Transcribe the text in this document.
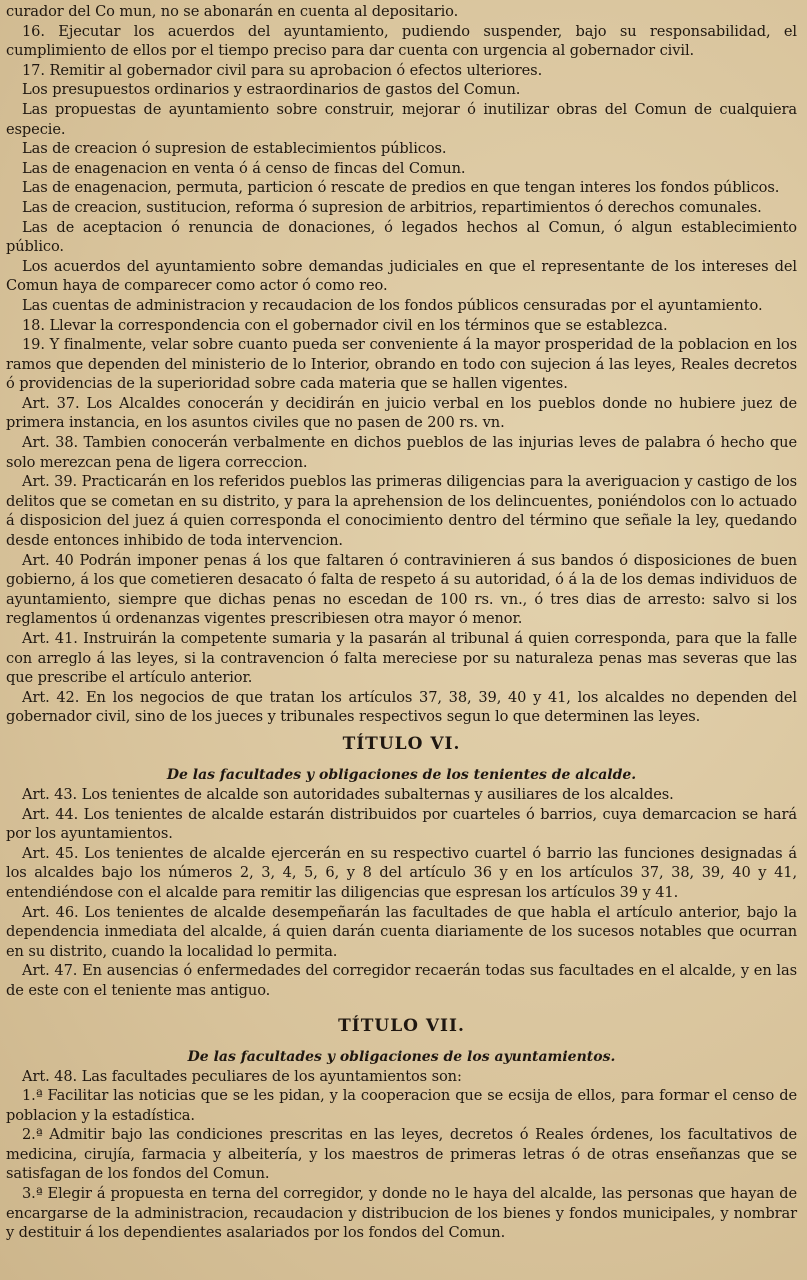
curador del Co mun, no se abonarán en cuenta al depositario.

16. Ejecutar los acuerdos del ayuntamiento, pudiendo suspender, bajo su responsabilidad, el cumplimiento de ellos por el tiempo preciso para dar cuenta con urgencia al gobernador civil.

17. Remitir al gobernador civil para su aprobacion ó efectos ulteriores.

Los presupuestos ordinarios y estraordinarios de gastos del Comun.

Las propuestas de ayuntamiento sobre construir, mejorar ó inutilizar obras del Comun de cualquiera especie.

Las de creacion ó supresion de establecimientos públicos.

Las de enagenacion en venta ó á censo de fincas del Comun.

Las de enagenacion, permuta, particion ó rescate de predios en que tengan interes los fondos públicos.

Las de creacion, sustitucion, reforma ó supresion de arbitrios, repartimientos ó derechos comunales.

Las de aceptacion ó renuncia de donaciones, ó legados hechos al Comun, ó algun establecimiento público.

Los acuerdos del ayuntamiento sobre demandas judiciales en que el representante de los intereses del Comun haya de comparecer como actor ó como reo.

Las cuentas de administracion y recaudacion de los fondos públicos censuradas por el ayuntamiento.

18. Llevar la correspondencia con el gobernador civil en los términos que se establezca.

19. Y finalmente, velar sobre cuanto pueda ser conveniente á la mayor prosperidad de la poblacion en los ramos que dependen del ministerio de lo Interior, obrando en todo con sujecion á las leyes, Reales decretos ó providencias de la superioridad sobre cada materia que se hallen vigentes.

Art. 37. Los Alcaldes conocerán y decidirán en juicio verbal en los pueblos donde no hubiere juez de primera instancia, en los asuntos civiles que no pasen de 200 rs. vn.

Art. 38. Tambien conocerán verbalmente en dichos pueblos de las injurias leves de palabra ó hecho que solo merezcan pena de ligera correccion.

Art. 39. Practicarán en los referidos pueblos las primeras diligencias para la averiguacion y castigo de los delitos que se cometan en su distrito, y para la aprehension de los delincuentes, poniéndolos con lo actuado á disposicion del juez á quien corresponda el conocimiento dentro del término que señale la ley, quedando desde entonces inhibido de toda intervencion.

Art. 40 Podrán imponer penas á los que faltaren ó contravinieren á sus bandos ó disposiciones de buen gobierno, á los que cometieren desacato ó falta de respeto á su autoridad, ó á la de los demas individuos de ayuntamiento, siempre que dichas penas no escedan de 100 rs. vn., ó tres dias de arresto: salvo si los reglamentos ú ordenanzas vigentes prescribiesen otra mayor ó menor.

Art. 41. Instruirán la competente sumaria y la pasarán al tribunal á quien corresponda, para que la falle con arreglo á las leyes, si la contravencion ó falta mereciese por su naturaleza penas mas severas que las que prescribe el artículo anterior.

Art. 42. En los negocios de que tratan los artículos 37, 38, 39, 40 y 41, los alcaldes no dependen del gobernador civil, sino de los jueces y tribunales respectivos segun lo que determinen las leyes.

TÍTULO VI.
De las facultades y obligaciones de los tenientes de alcalde.

Art. 43. Los tenientes de alcalde son autoridades subalternas y ausiliares de los alcaldes.

Art. 44. Los tenientes de alcalde estarán distribuidos por cuarteles ó barrios, cuya demarcacion se hará por los ayuntamientos.

Art. 45. Los tenientes de alcalde ejercerán en su respectivo cuartel ó barrio las funciones designadas á los alcaldes bajo los números 2, 3, 4, 5, 6, y 8 del artículo 36 y en los artículos 37, 38, 39, 40 y 41, entendiéndose con el alcalde para remitir las diligencias que espresan los artículos 39 y 41.

Art. 46. Los tenientes de alcalde desempeñarán las facultades de que habla el artículo anterior, bajo la dependencia inmediata del alcalde, á quien darán cuenta diariamente de los sucesos notables que ocurran en su distrito, cuando la localidad lo permita.

Art. 47. En ausencias ó enfermedades del corregidor recaerán todas sus facultades en el alcalde, y en las de este con el teniente mas antiguo.

TÍTULO VII.
De las facultades y obligaciones de los ayuntamientos.

Art. 48. Las facultades peculiares de los ayuntamientos son:

1.ª Facilitar las noticias que se les pidan, y la cooperacion que se ecsija de ellos, para formar el censo de poblacion y la estadística.

2.ª Admitir bajo las condiciones prescritas en las leyes, decretos ó Reales órdenes, los facultativos de medicina, cirujía, farmacia y albeitería, y los maestros de primeras letras ó de otras enseñanzas que se satisfagan de los fondos del Comun.

3.ª Elegir á propuesta en terna del corregidor, y donde no le haya del alcalde, las personas que hayan de encargarse de la administracion, recaudacion y distribucion de los bienes y fondos municipales, y nombrar y destituir á los dependientes asalariados por los fondos del Comun.
